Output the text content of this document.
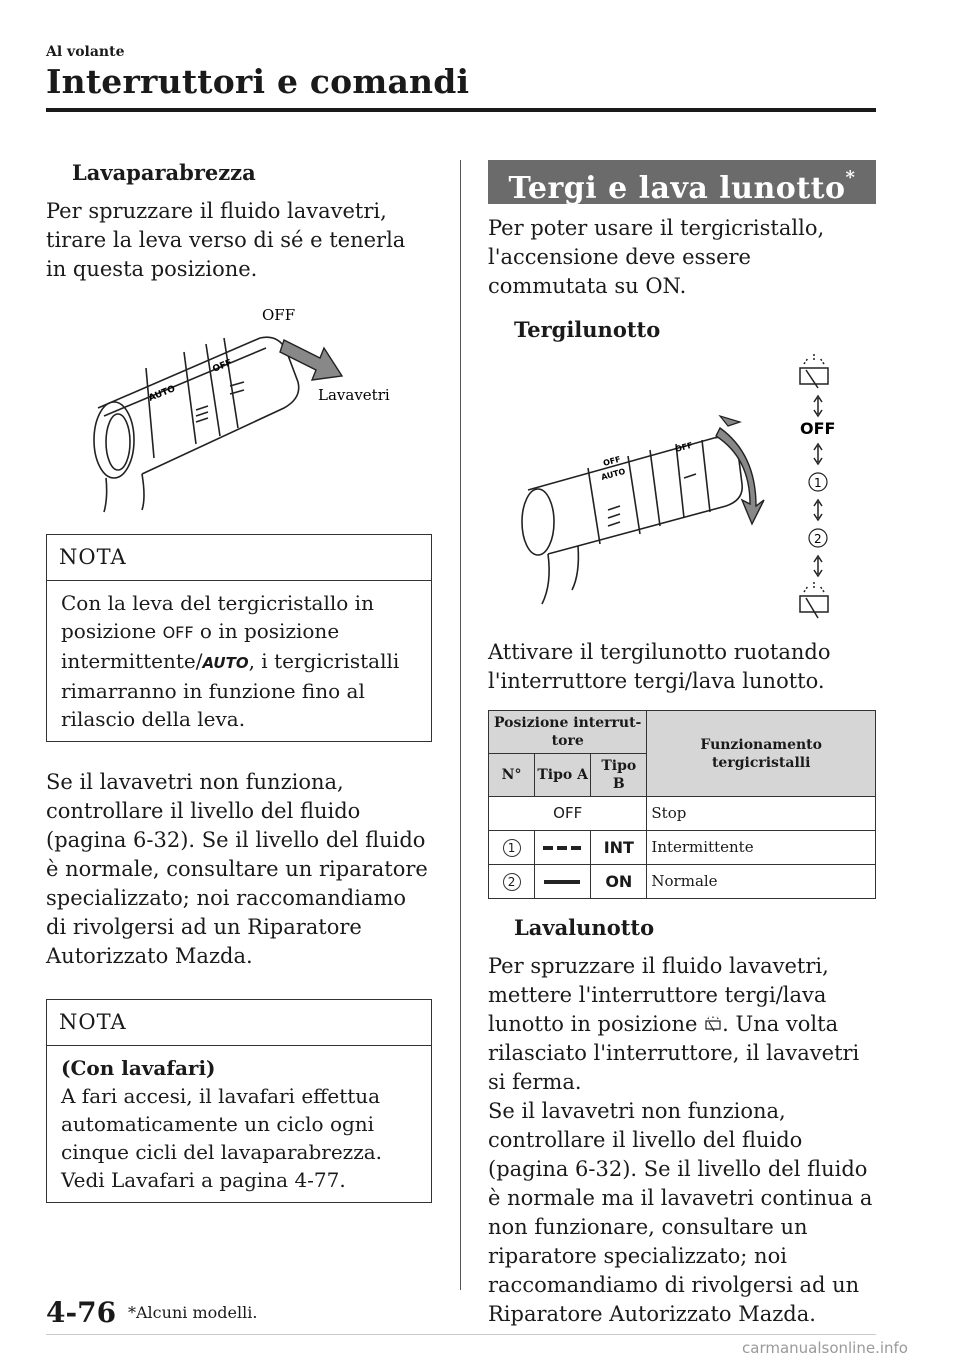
Al volante
Interruttori e comandi
Lavaparabrezza

Per spruzzare il fluido lavavetri, tirare la leva verso di sé e tenerla in questa posizione.

AUTO
OFF
OFF
Lavavetri
NOTA
Con la leva del tergicristallo in posizione OFF o in posizione intermittente/AUTO, i tergicristalli rimarranno in funzione fino al rilascio della leva.

Se il lavavetri non funziona, controllare il livello del fluido (pagina 6-32). Se il livello del fluido è normale, consultare un riparatore specializzato; noi raccomandiamo di rivolgersi ad un Riparatore Autorizzato Mazda.

NOTA
(Con lavafari)
A fari accesi, il lavafari effettua automaticamente un ciclo ogni cinque cicli del lavaparabrezza.
Vedi Lavafari a pagina 4-77.
Tergi e lava lunotto*

Per poter usare il tergicristallo, l'accensione deve essere commutata su ON.

Tergilunotto
AUTO
OFF
OFF
OFF
1
2

Attivare il tergilunotto ruotando l'interruttore tergi/lava lunotto.

Posizione interrut-tore			Funzionamento tergicristalli
N°	Tipo A	Tipo B	
OFF			Stop
1		INT	Intermittente
2		ON	Normale
Lavalunotto

Per spruzzare il fluido lavavetri, mettere l'interruttore tergi/lava lunotto in posizione . Una volta rilasciato l'interruttore, il lavavetri si ferma.

Se il lavavetri non funziona, controllare il livello del fluido (pagina 6-32). Se il livello del fluido è normale ma il lavavetri continua a non funzionare, consultare un riparatore specializzato; noi raccomandiamo di rivolgersi ad un Riparatore Autorizzato Mazda.

4-76 *Alcuni modelli.
carmanualsonline.info
